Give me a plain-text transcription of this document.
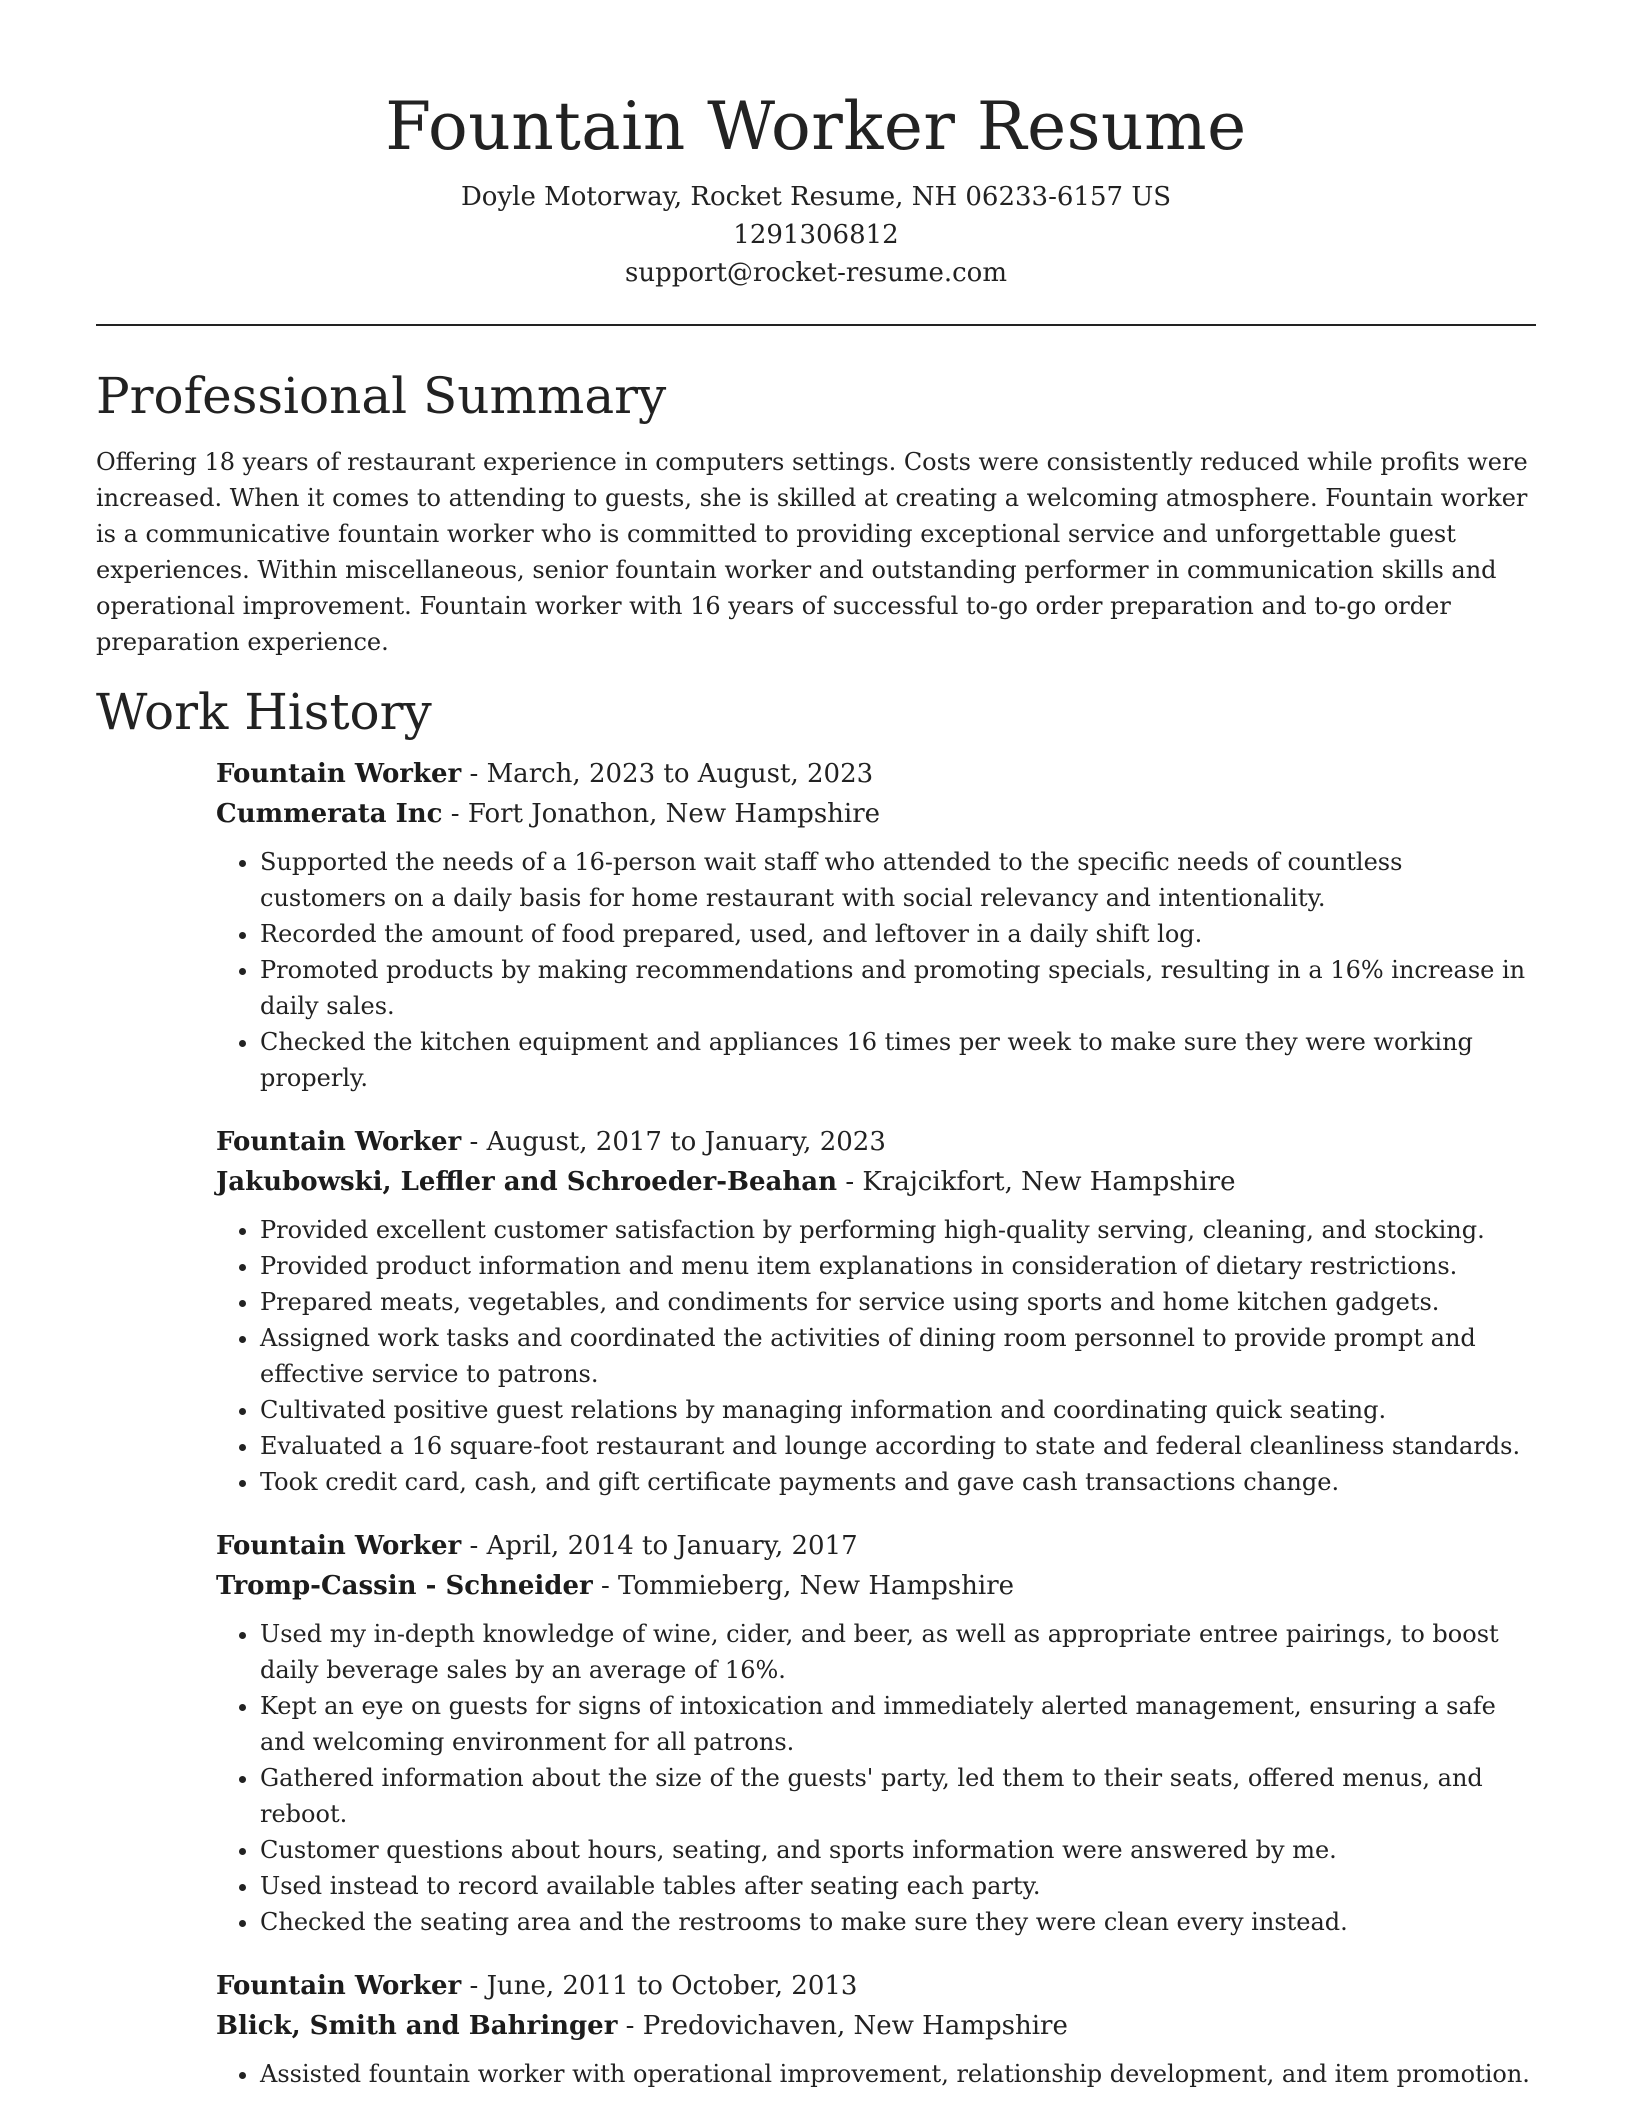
Fountain Worker Resume

Doyle Motorway, Rocket Resume, NH 06233-6157 US

1291306812

support@rocket-resume.com

Professional Summary

Offering 18 years of restaurant experience in computers settings. Costs were consistently reduced while profits were increased. When it comes to attending to guests, she is skilled at creating a welcoming atmosphere. Fountain worker is a communicative fountain worker who is committed to providing exceptional service and unforgettable guest experiences. Within miscellaneous, senior fountain worker and outstanding performer in communication skills and operational improvement. Fountain worker with 16 years of successful to-go order preparation and to-go order preparation experience.

Work History

Fountain Worker - March, 2023 to August, 2023

Cummerata Inc - Fort Jonathon, New Hampshire

• Supported the needs of a 16-person wait staff who attended to the specific needs of countless customers on a daily basis for home restaurant with social relevancy and intentionality.
• Recorded the amount of food prepared, used, and leftover in a daily shift log.
• Promoted products by making recommendations and promoting specials, resulting in a 16% increase in daily sales.
• Checked the kitchen equipment and appliances 16 times per week to make sure they were working properly.

Fountain Worker - August, 2017 to January, 2023

Jakubowski, Leffler and Schroeder-Beahan - Krajcikfort, New Hampshire

• Provided excellent customer satisfaction by performing high-quality serving, cleaning, and stocking.
• Provided product information and menu item explanations in consideration of dietary restrictions.
• Prepared meats, vegetables, and condiments for service using sports and home kitchen gadgets.
• Assigned work tasks and coordinated the activities of dining room personnel to provide prompt and effective service to patrons.
• Cultivated positive guest relations by managing information and coordinating quick seating.
• Evaluated a 16 square-foot restaurant and lounge according to state and federal cleanliness standards.
• Took credit card, cash, and gift certificate payments and gave cash transactions change.

Fountain Worker - April, 2014 to January, 2017

Tromp-Cassin - Schneider - Tommieberg, New Hampshire

• Used my in-depth knowledge of wine, cider, and beer, as well as appropriate entree pairings, to boost daily beverage sales by an average of 16%.
• Kept an eye on guests for signs of intoxication and immediately alerted management, ensuring a safe and welcoming environment for all patrons.
• Gathered information about the size of the guests' party, led them to their seats, offered menus, and reboot.
• Customer questions about hours, seating, and sports information were answered by me.
• Used instead to record available tables after seating each party.
• Checked the seating area and the restrooms to make sure they were clean every instead.

Fountain Worker - June, 2011 to October, 2013

Blick, Smith and Bahringer - Predovichaven, New Hampshire

• Assisted fountain worker with operational improvement, relationship development, and item promotion.
